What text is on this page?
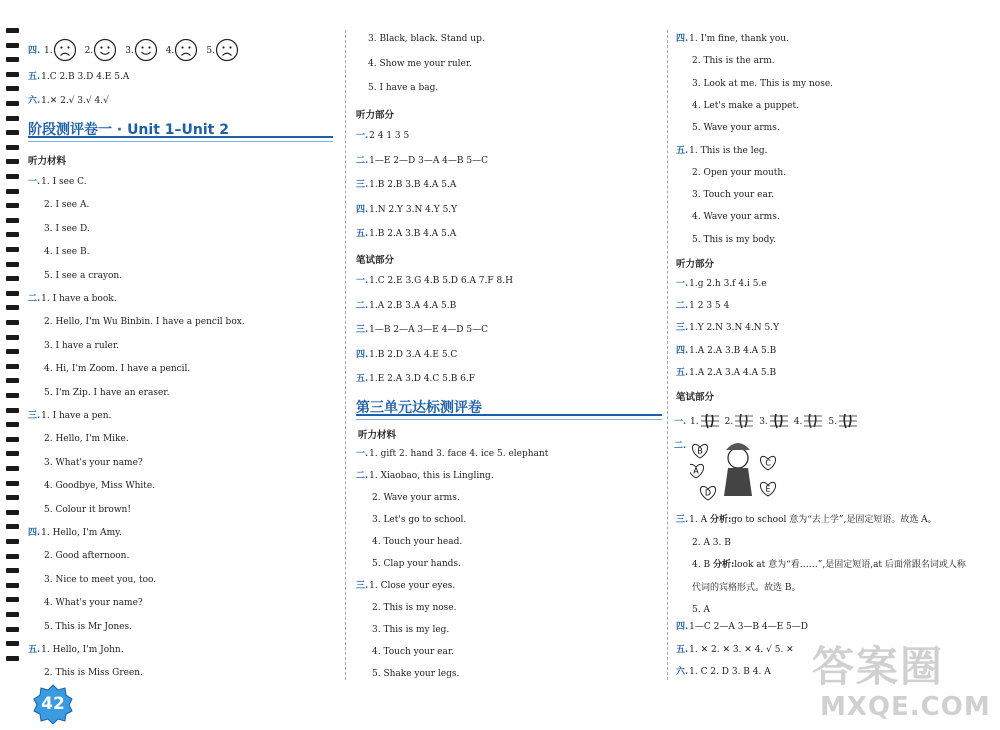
四. 1.	2.	3.	4.	5.
五.1.C 2.B 3.D 4.E 5.A
六.1.✕ 2.√ 3.√ 4.√
阶段测评卷一 · Unit 1–Unit 2
听力材料
一.1. I see C.
2. I see A.
3. I see D.
4. I see B.
5. I see a crayon.
二.1. I have a book.
2. Hello, I'm Wu Binbin. I have a pencil box.
3. I have a ruler.
4. Hi, I'm Zoom. I have a pencil.
5. I'm Zip. I have an eraser.
三.1. I have a pen.
2. Hello, I'm Mike.
3. What's your name?
4. Goodbye, Miss White.
5. Colour it brown!
四.1. Hello, I'm Amy.
2. Good afternoon.
3. Nice to meet you, too.
4. What's your name?
5. This is Mr Jones.
五.1. Hello, I'm John.
2. This is Miss Green.
3. Black, black. Stand up.
4. Show me your ruler.
5. I have a bag.
听力部分
一.2 4 1 3 5
二.1—E 2—D 3—A 4—B 5—C
三.1.B 2.B 3.B 4.A 5.A
四.1.N 2.Y 3.N 4.Y 5.Y
五.1.B 2.A 3.B 4.A 5.A
笔试部分
一.1.C 2.E 3.G 4.B 5.D 6.A 7.F 8.H
二.1.A 2.B 3.A 4.A 5.B
三.1—B 2—A 3—E 4—D 5—C
四.1.B 2.D 3.A 4.E 5.C
五.1.E 2.A 3.D 4.C 5.B 6.F
第三单元达标测评卷
听力材料
一.1. gift 2. hand 3. face 4. ice 5. elephant
二.1. Xiaobao, this is Lingling.
2. Wave your arms.
3. Let's go to school.
4. Touch your head.
5. Clap your hands.
三.1. Close your eyes.
2. This is my nose.
3. This is my leg.
4. Touch your ear.
5. Shake your legs.
四.1. I'm fine, thank you.
2. This is the arm.
3. Look at me. This is my nose.
4. Let's make a puppet.
5. Wave your arms.
五.1. This is the leg.
2. Open your mouth.
3. Touch your ear.
4. Wave your arms.
5. This is my body.
听力部分
一.1.g 2.h 3.f 4.i 5.e
二.1 2 3 5 4
三.1.Y 2.N 3.N 4.N 5.Y
四.1.A 2.A 3.B 4.A 5.B
五.1.A 2.A 3.A 4.A 5.B
笔试部分
一. 1.	2.	3.	4.	5.
二. B
C
A
D	E
三.1. A 分析:go to school 意为“去上学”,是固定短语。故选 A。
2. A 3. B
4. B 分析:look at 意为“看……”,是固定短语,at 后面常跟名词或人称
代词的宾格形式。故选 B。
5. A
四.1—C 2—A 3—B 4—E 5—D
五.1. ✕ 2. ✕ 3. ✕ 4. √ 5. ✕
六.1. C 2. D 3. B 4. A
42
答案圈
MXQE.COM
